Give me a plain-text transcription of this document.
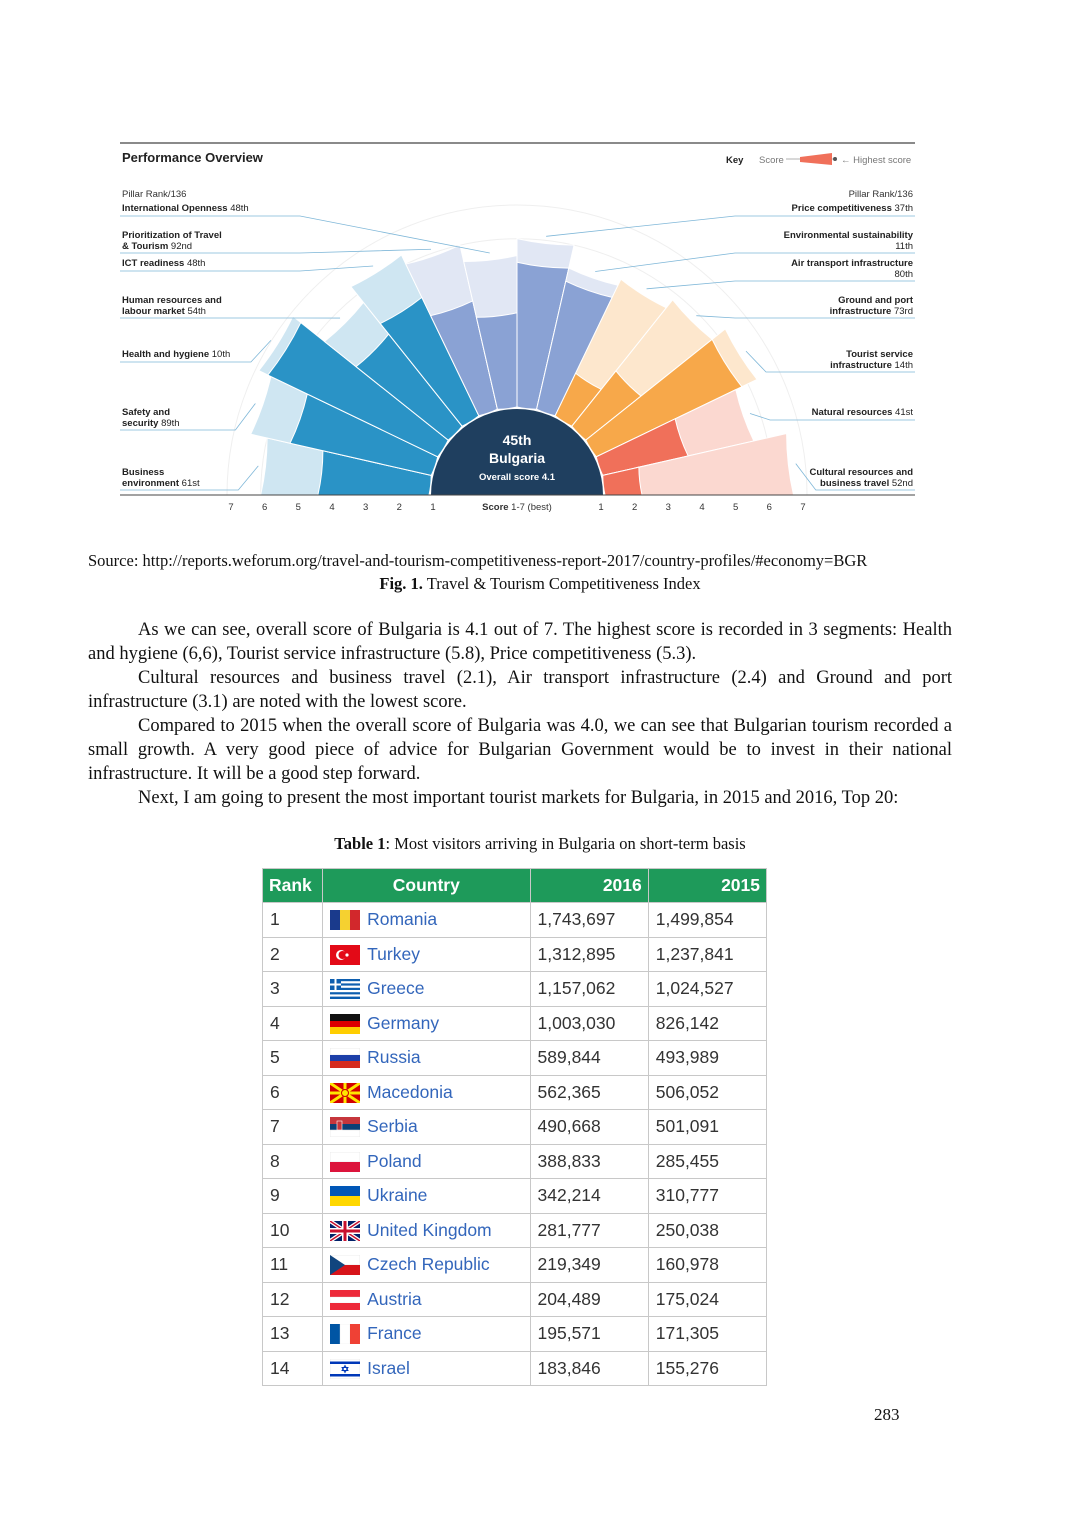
Performance Overview	Key Score	← Highest score
Pillar Rank/136	Pillar Rank/136
Business
environment 61st
Safety and
security 89th
Health and hygiene 10th
Human resources and
labour market 54th
ICT readiness 48th
Prioritization of Travel
& Tourism 92nd
International Openness 48th	Price competitiveness 37th
Environmental sustainability
11th
Air transport infrastructure
80th
Ground and port
infrastructure 73rd
Tourist service
infrastructure 14th
Natural resources 41st
Cultural resources and
business travel 52nd
45th
Bulgaria
Overall score 4.1
7	6	5	4	3	2	1	1	2	3	4	5	6	7
Score 1-7 (best)
Source: http://reports.weforum.org/travel-and-tourism-competitiveness-report-2017/country-profiles/#economy=BGR
Fig. 1. Travel & Tourism Competitiveness Index

As we can see, overall score of Bulgaria is 4.1 out of 7. The highest score is recorded in 3 segments: Health and hygiene (6,6), Tourist service infrastructure (5.8), Price competitiveness (5.3).

Cultural resources and business travel (2.1), Air transport infrastructure (2.4) and Ground and port infrastructure (3.1) are noted with the lowest score.

Compared to 2015 when the overall score of Bulgaria was 4.0, we can see that Bulgarian tourism recorded a small growth. A very good piece of advice for Bulgarian Government would be to invest in their national infrastructure. It will be a good step forward.

Next, I am going to present the most important tourist markets for Bulgaria, in 2015 and 2016, Top 20:

Table 1: Most visitors arriving in Bulgaria on short-term basis
Rank	Country	2016	2015
1	Romania	1,743,697	1,499,854
2	Turkey	1,312,895	1,237,841
3	Greece	1,157,062	1,024,527
4	Germany	1,003,030	826,142
5	Russia	589,844	493,989
6	Macedonia	562,365	506,052
7	Serbia	490,668	501,091
8	Poland	388,833	285,455
9	Ukraine	342,214	310,777
10	United Kingdom	281,777	250,038
11	Czech Republic	219,349	160,978
12	Austria	204,489	175,024
13	France	195,571	171,305
14	Israel	183,846	155,276
283
